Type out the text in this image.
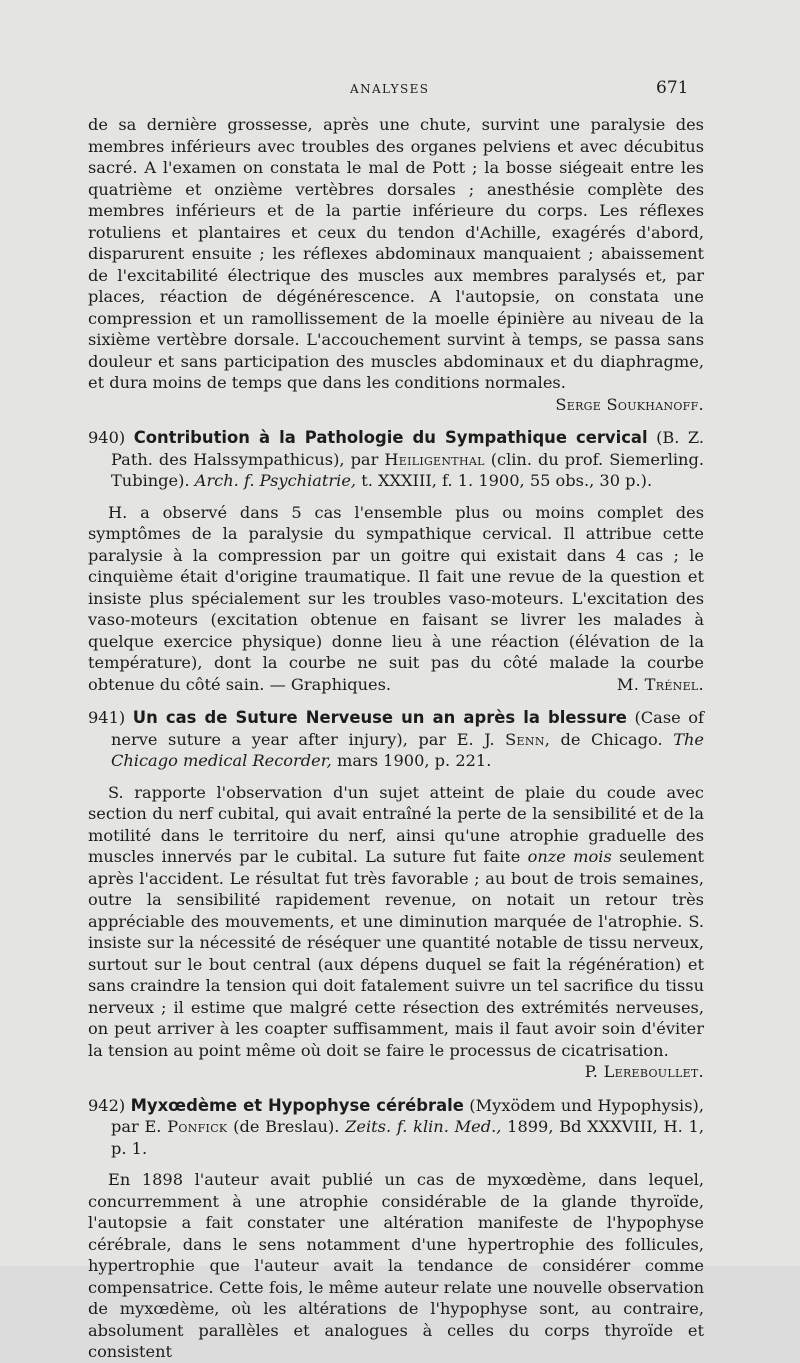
ANALYSES	671

de sa dernière grossesse, après une chute, survint une paralysie des membres inférieurs avec troubles des organes pelviens et avec décubitus sacré. A l'examen on constata le mal de Pott ; la bosse siégeait entre les quatrième et onzième vertèbres dorsales ; anesthésie complète des membres inférieurs et de la partie inférieure du corps. Les réflexes rotuliens et plantaires et ceux du tendon d'Achille, exagérés d'abord, disparurent ensuite ; les réflexes abdominaux manquaient ; abaissement de l'excitabilité électrique des muscles aux membres paralysés et, par places, réaction de dégénérescence. A l'autopsie, on constata une compression et un ramollissement de la moelle épinière au niveau de la sixième vertèbre dorsale. L'accouchement survint à temps, se passa sans douleur et sans participation des muscles abdominaux et du diaphragme, et dura moins de temps que dans les conditions normales.
Serge Soukhanoff.

940) Contribution à la Pathologie du Sympathique cervical (B. Z. Path. des Halssympathicus), par Heiligenthal (clin. du prof. Siemerling. Tubinge). Arch. f. Psychiatrie, t. XXXIII, f. 1. 1900, 55 obs., 30 p.).

H. a observé dans 5 cas l'ensemble plus ou moins complet des symptômes de la paralysie du sympathique cervical. Il attribue cette paralysie à la compression par un goitre qui existait dans 4 cas ; le cinquième était d'origine traumatique. Il fait une revue de la question et insiste plus spécialement sur les troubles vaso-moteurs. L'excitation des vaso-moteurs (excitation obtenue en faisant se livrer les malades à quelque exercice physique) donne lieu à une réaction (élévation de la température), dont la courbe ne suit pas du côté malade la courbe obtenue du côté sain. — Graphiques.	M. Trénel.

941) Un cas de Suture Nerveuse un an après la blessure (Case of nerve suture a year after injury), par E. J. Senn, de Chicago. The Chicago medical Recorder, mars 1900, p. 221.

S. rapporte l'observation d'un sujet atteint de plaie du coude avec section du nerf cubital, qui avait entraîné la perte de la sensibilité et de la motilité dans le territoire du nerf, ainsi qu'une atrophie graduelle des muscles innervés par le cubital. La suture fut faite onze mois seulement après l'accident. Le résultat fut très favorable ; au bout de trois semaines, outre la sensibilité rapidement revenue, on notait un retour très appréciable des mouvements, et une diminution marquée de l'atrophie. S. insiste sur la nécessité de réséquer une quantité notable de tissu nerveux, surtout sur le bout central (aux dépens duquel se fait la régénération) et sans craindre la tension qui doit fatalement suivre un tel sacrifice du tissu nerveux ; il estime que malgré cette résection des extrémités nerveuses, on peut arriver à les coapter suffisamment, mais il faut avoir soin d'éviter la tension au point même où doit se faire le processus de cicatrisation.
P. Lereboullet.

942) Myxœdème et Hypophyse cérébrale (Myxödem und Hypophysis), par E. Ponfick (de Breslau). Zeits. f. klin. Med., 1899, Bd XXXVIII, H. 1, p. 1.

En 1898 l'auteur avait publié un cas de myxœdème, dans lequel, concurremment à une atrophie considérable de la glande thyroïde, l'autopsie a fait constater une altération manifeste de l'hypophyse cérébrale, dans le sens notamment d'une hypertrophie des follicules, hypertrophie que l'auteur avait la tendance de considérer comme compensatrice. Cette fois, le même auteur relate une nouvelle observation de myxœdème, où les altérations de l'hypophyse sont, au contraire, absolument parallèles et analogues à celles du corps thyroïde et consistent
